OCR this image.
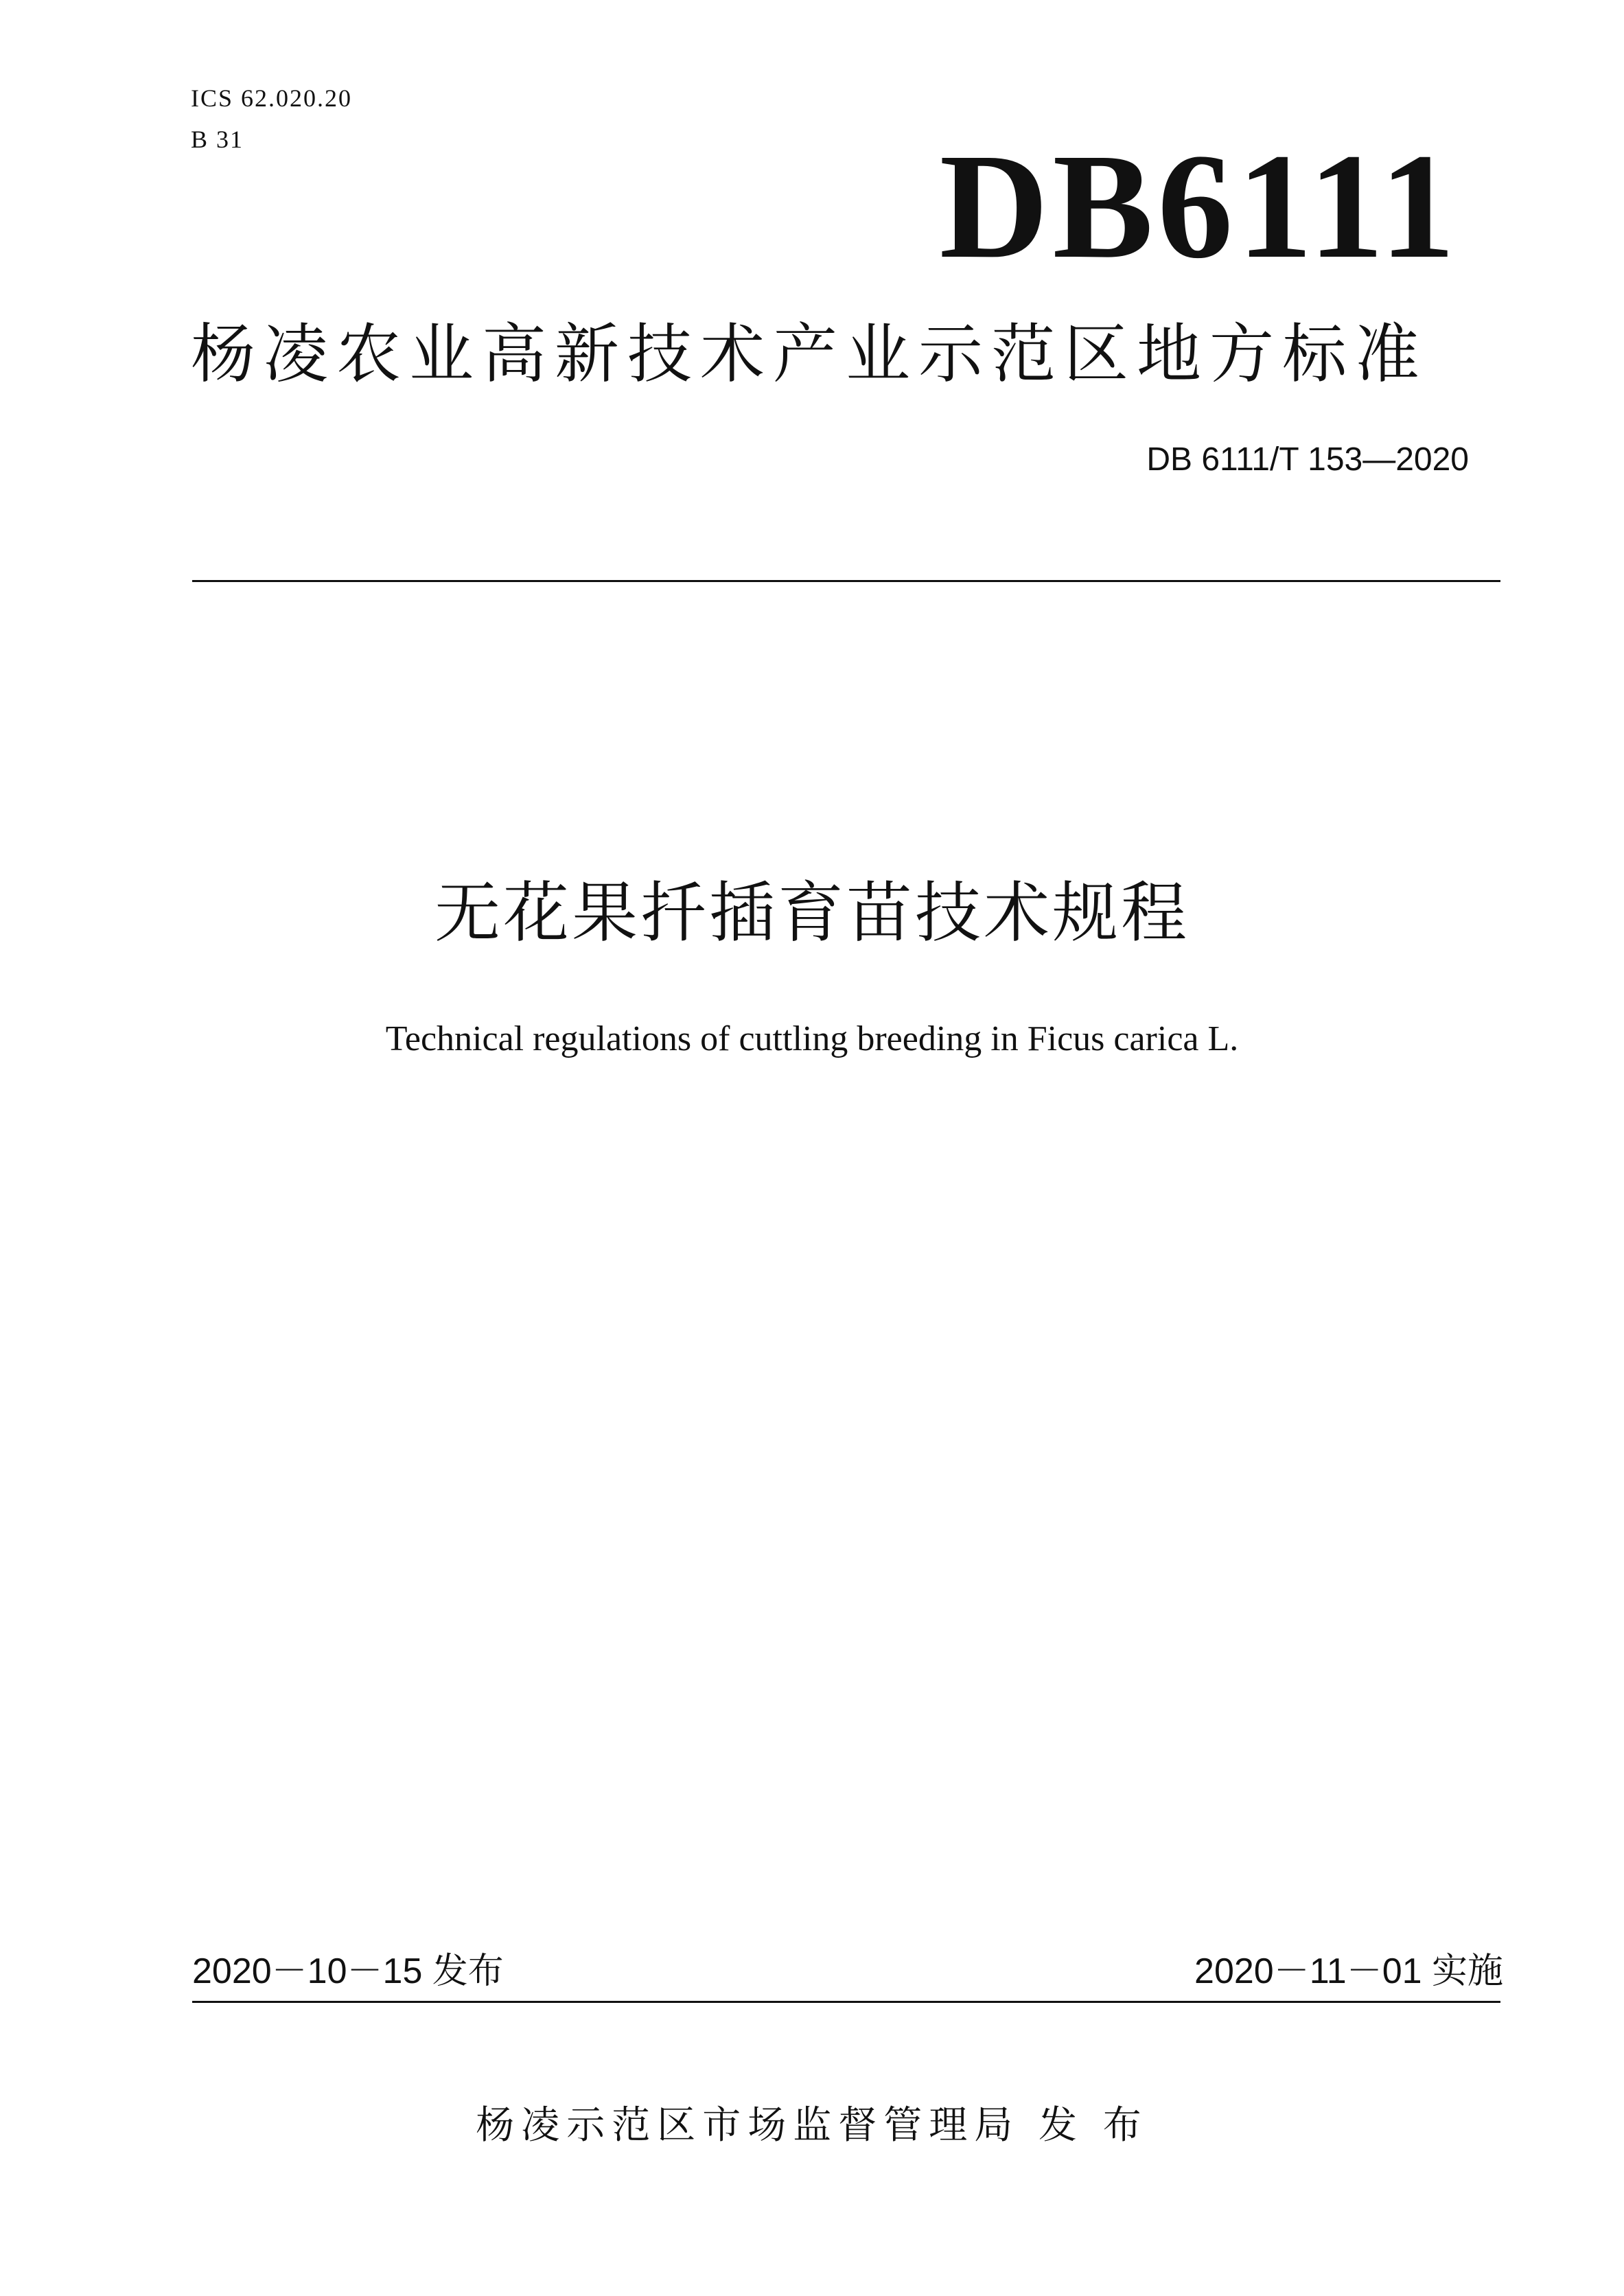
ICS 62.020.20
B 31	DB6111
杨凌农业高新技术产业示范区地方标准
DB 6111/T 153—2020
无花果扦插育苗技术规程
Technical regulations of cuttling breeding in Ficus carica L.
2020－10－15 发布	2020－11－01 实施
杨凌示范区市场监督管理局 发 布
